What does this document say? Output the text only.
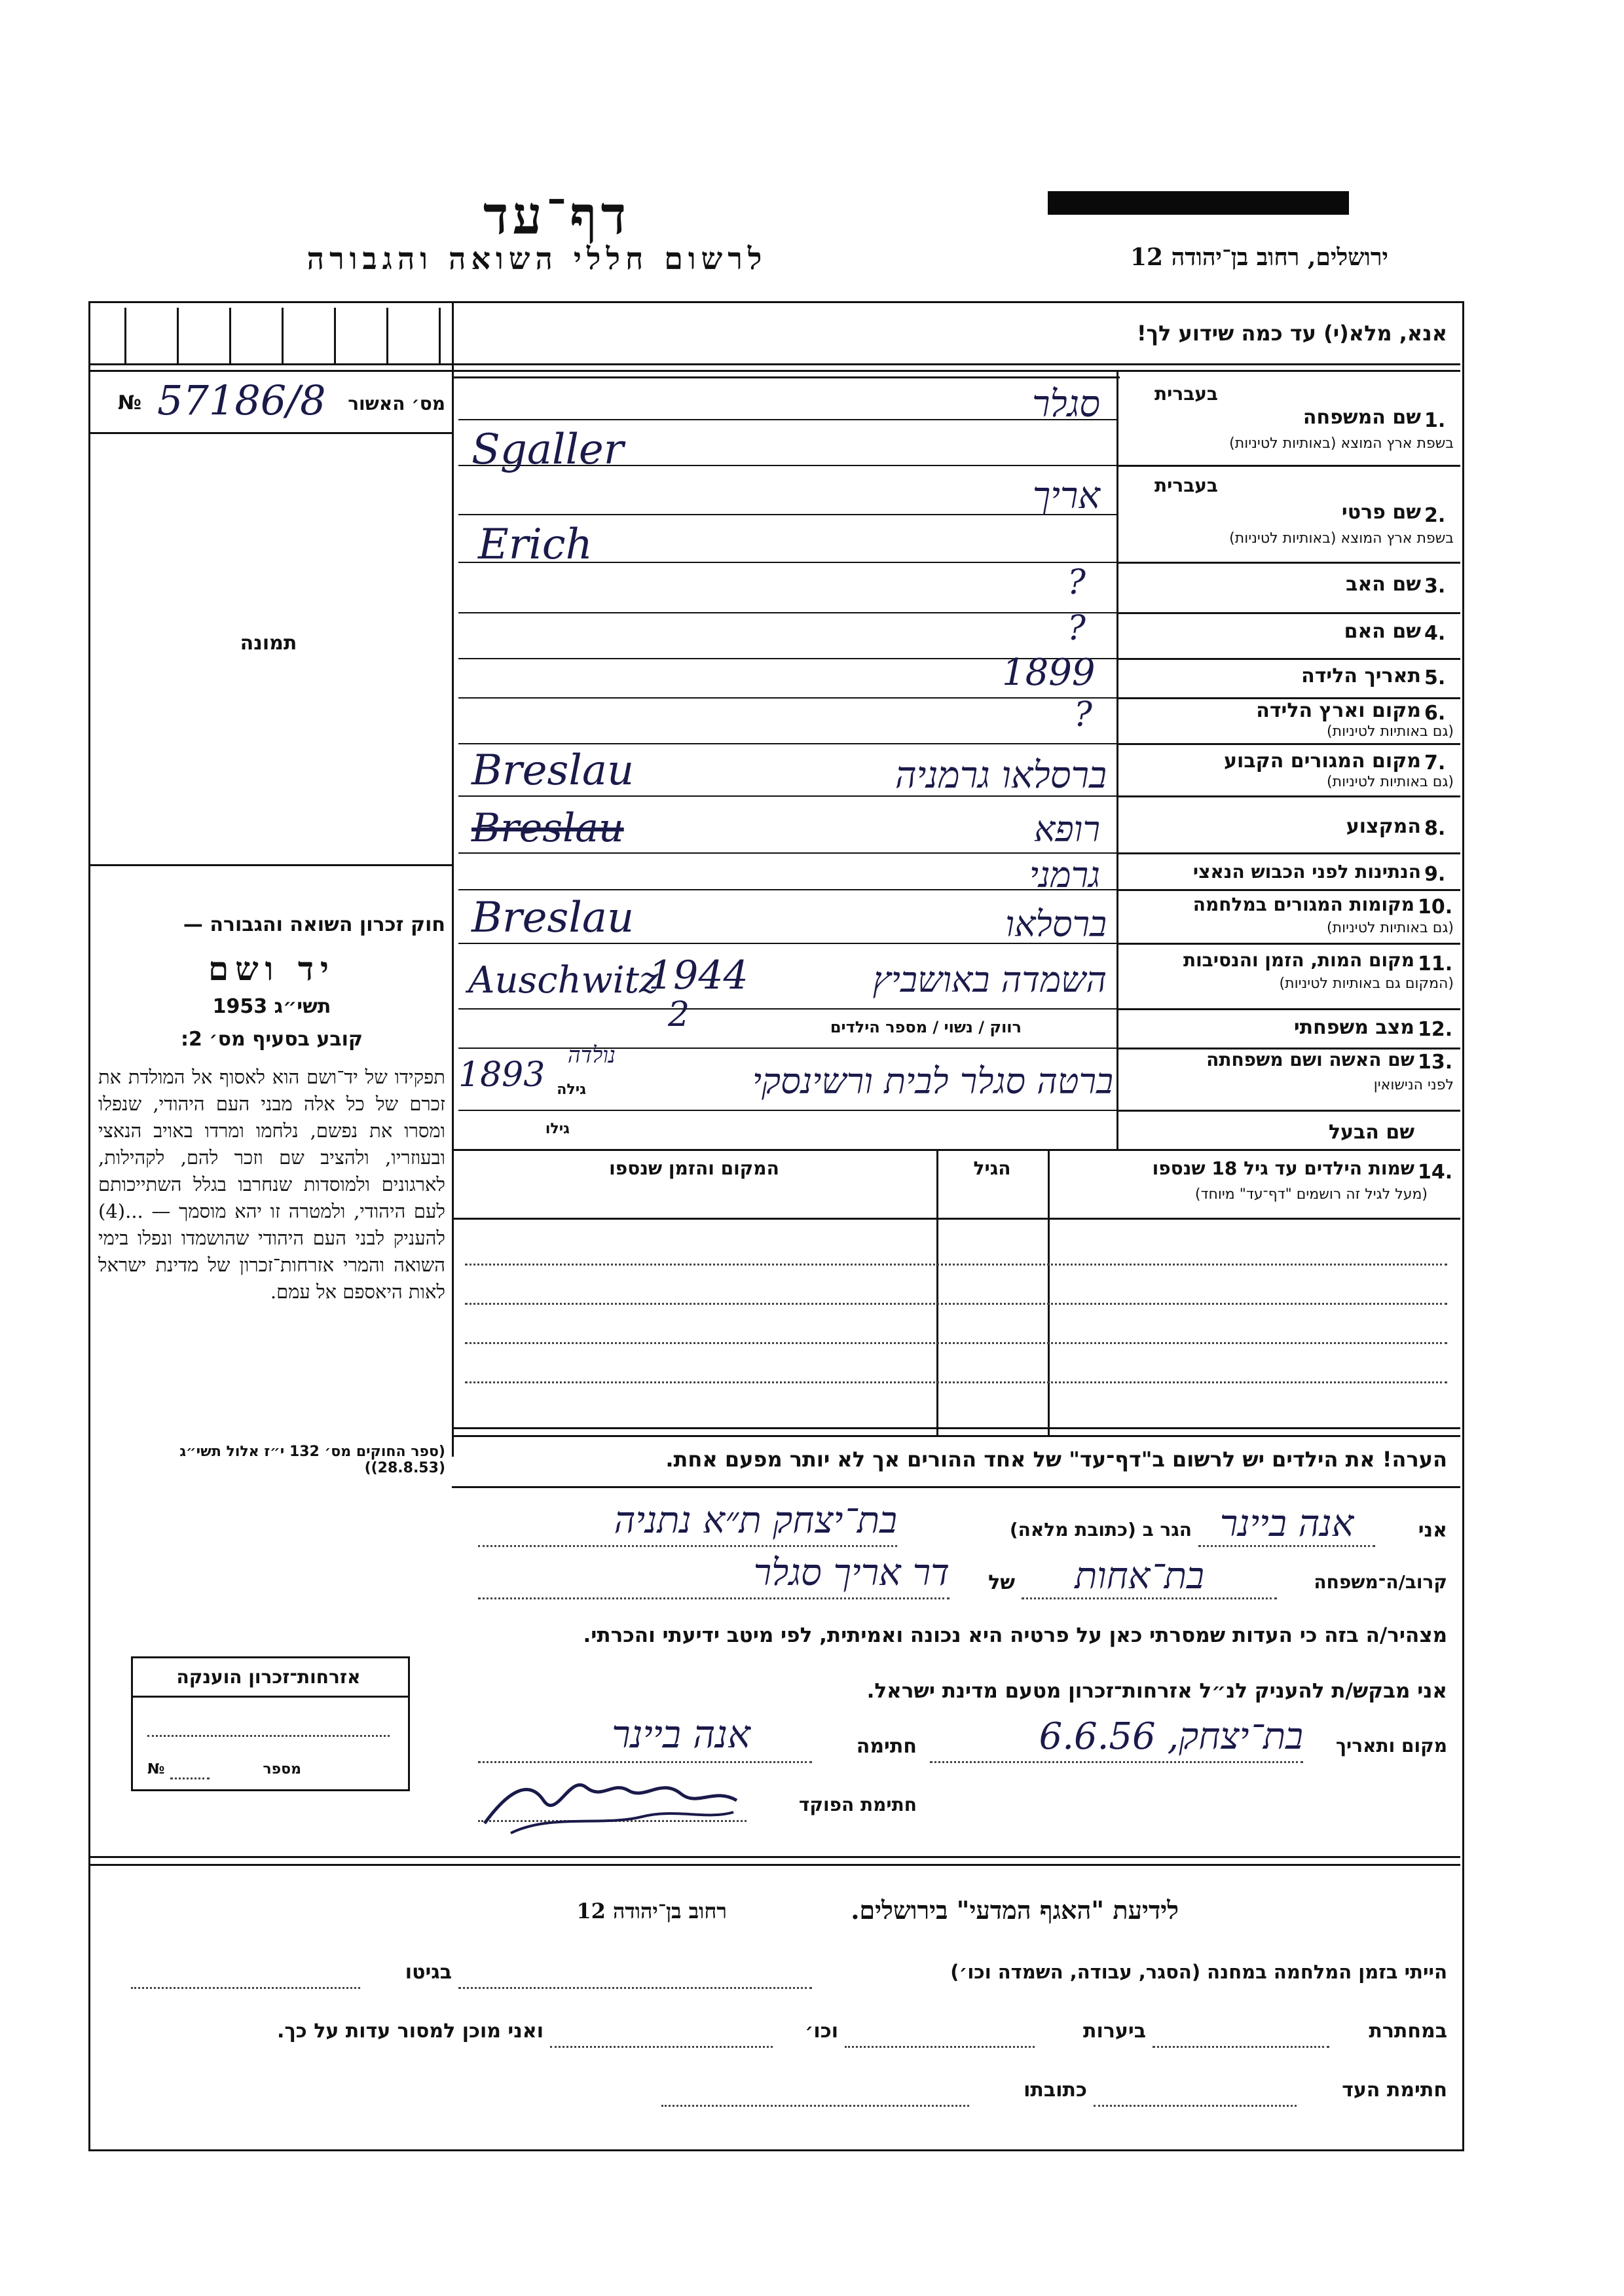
דף־עד
לרשום חללי השואה והגבורה	ירושלים, רחוב בן־יהודה 12
אנא, מלא(י) עד כמה שידוע לך!
№ 57186/8	מס׳ האשור
תמונה
חוק זכרון השואה והגבורה —
יד ושם
תשי״ג 1953
קובע בסעיף מס׳ 2:
תפקידו של יד־ושם הוא לאסוף אל המולדת את זכרם של כל אלה מבני העם היהודי, שנפלו ומסרו את נפשם, נלחמו ומרדו באויב הנאצי ובעוזריו, ולהציב שם וזכר להם, לקהילות, לארגונים ולמוסדות שנחרבו בגלל השתייכותם לעם היהודי, ולמטרה זו יהא מוסמך — ...(4) להעניק לבני העם היהודי שהושמדו ונפלו בימי השואה והמרי אזרחות־זכרון של מדינת ישראל לאות היאספם אל עמם.
(ספר החוקים מס׳ 132 י״ז אלול תשי״ג (28.8.53))
בעברית
1.
שם המשפחה
בשפת ארץ המוצא (באותיות לטיניות)
סגלר
Sgaller
בעברית
2.
שם פרטי
בשפת ארץ המוצא (באותיות לטיניות)
אריך
Erich
3.
שם האב
?
4.
שם האם
?
5.
תאריך הלידה
1899
6.
מקום וארץ הלידה
(גם באותיות לטיניות)
?
7.
מקום המגורים הקבוע
(גם באותיות לטיניות)
ברסלאו גרמניה
Breslau
8.
המקצוע
רופא
Breslau
9.
הנתינות לפני הכבוש הנאצי
גרמני
10.
מקומות המגורים במלחמה
(גם באותיות לטיניות)
ברסלאו
Breslau
11.
מקום המות, הזמן והנסיבות
(המקום גם באותיות לטיניות)
השמדה באושביץ
1944
Auschwitz
12.
מצב משפחתי
רווק / נשוי / מספר הילדים
2
13.
שם האשה ושם משפחתה
לפני הנישואין
ברטה סגלר לבית ורשינסקי
1893 גילה
נולדה
שם הבעל
גילו
14.
שמות הילדים עד גיל 18 שנספו
(מעל לגיל זה רושמים "דף־עד" מיוחד)
הגיל
המקום והזמן שנספו
הערה! את הילדים יש לרשום ב"דף־עד" של אחד ההורים אך לא יותר מפעם אחת.
אני
אנה ביינר
הגר ב (כתובת מלאה)
בת־יצחק ת״א נתניה
קרוב/ה־משפחה
בת־אחות
של
דר אריך סגלר
מצהיר/ה בזה כי העדות שמסרתי כאן על פרטיה היא נכונה ואמיתית, לפי מיטב ידיעתי והכרתי.
אני מבקש/ת להעניק לנ״ל אזרחות־זכרון מטעם מדינת ישראל.
מקום ותאריך
בת־יצחק, 6.6.56
חתימה
אנה ביינר
חתימת הפוקד
אזרחות־זכרון הוענקה
מספר
№
לידיעת "האגף המדעי" בירושלים.
רחוב בן־יהודה 12
הייתי בזמן המלחמה במחנה (הסגר, עבודה, השמדה וכו׳)
בגיטו
במחתרת
ביערות
וכו׳
ואני מוכן למסור עדות על כך.
חתימת העד
כתובתו
